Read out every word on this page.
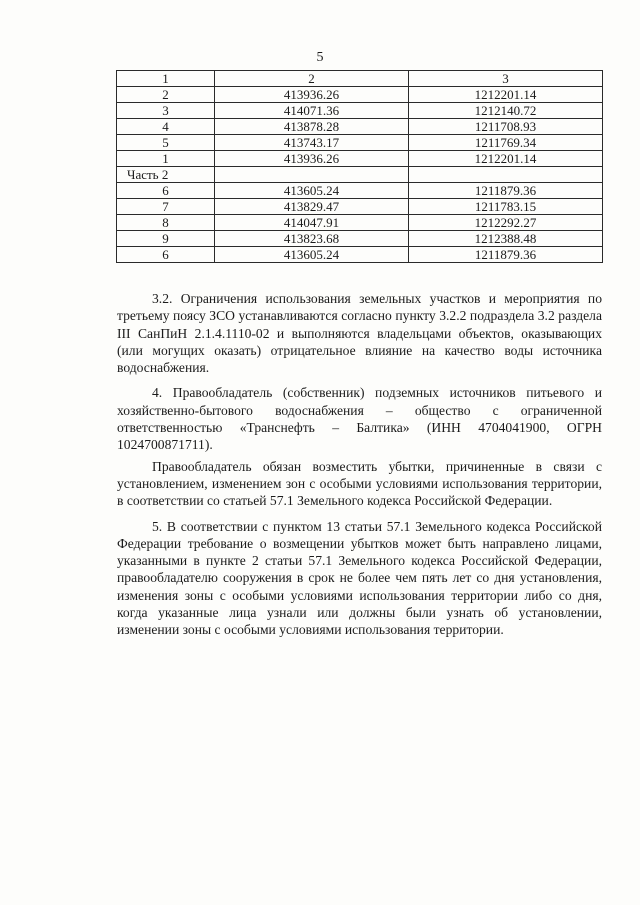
5
1	2	3
2	413936.26	1212201.14
3	414071.36	1212140.72
4	413878.28	1211708.93
5	413743.17	1211769.34
1	413936.26	1212201.14
Часть 2		
6	413605.24	1211879.36
7	413829.47	1211783.15
8	414047.91	1212292.27
9	413823.68	1212388.48
6	413605.24	1211879.36

3.2. Ограничения использования земельных участков и мероприятия по третьему поясу ЗСО устанавливаются согласно пункту 3.2.2 подраздела 3.2 раздела III СанПиН 2.1.4.1110-02 и выполняются владельцами объектов, оказывающих (или могущих оказать) отрицательное влияние на качество воды источника водоснабжения.

4. Правообладатель (собственник) подземных источников питьевого и хозяйственно-бытового водоснабжения – общество с ограниченной ответственностью «Транснефть – Балтика» (ИНН 4704041900, ОГРН 1024700871711).

Правообладатель обязан возместить убытки, причиненные в связи с установлением, изменением зон с особыми условиями использования территории, в соответствии со статьей 57.1 Земельного кодекса Российской Федерации.

5. В соответствии с пунктом 13 статьи 57.1 Земельного кодекса Российской Федерации требование о возмещении убытков может быть направлено лицами, указанными в пункте 2 статьи 57.1 Земельного кодекса Российской Федерации, правообладателю сооружения в срок не более чем пять лет со дня установления, изменения зоны с особыми условиями использования территории либо со дня, когда указанные лица узнали или должны были узнать об установлении, изменении зоны с особыми условиями использования территории.
